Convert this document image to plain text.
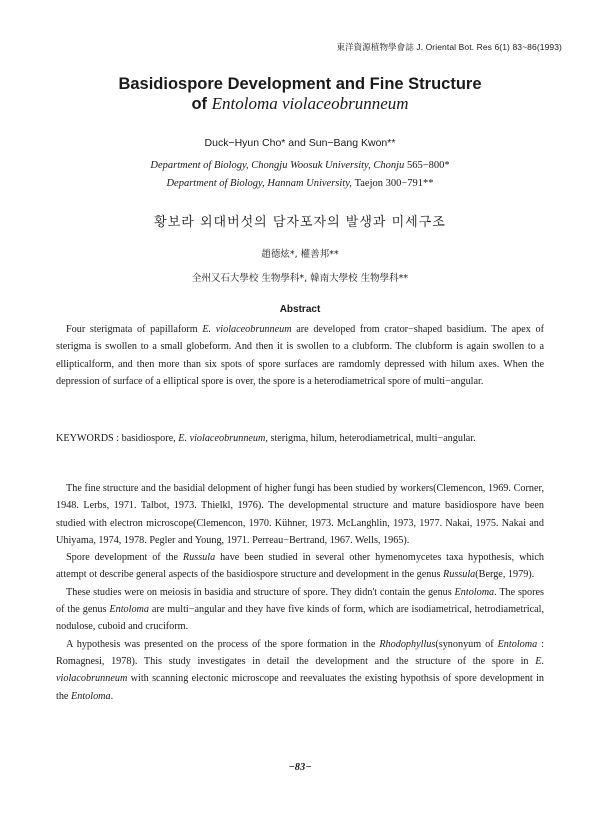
東洋資源植物學會誌 J. Oriental Bot. Res 6(1) 83~86(1993)
Basidiospore Development and Fine Structure
of Entoloma violaceobrunneum
Duck−Hyun Cho* and Sun−Bang Kwon**
Department of Biology, Chongju Woosuk University, Chonju 565−800*
Department of Biology, Hannam University, Taejon 300−791**
황보라 외대버섯의 담자포자의 발생과 미세구조
趙德炫*, 權善邦**
全州又石大學校 生物學科*, 韓南大學校 生物學科**
Abstract

Four sterigmata of papillaform E. violaceobrunneum are developed from crator−shaped basidium. The apex of sterigma is swollen to a small globeform. And then it is swollen to a clubform. The clubform is again swollen to a ellipticalform, and then more than six spots of spore surfaces are ramdomly depressed with hilum axes. When the depression of surface of a elliptical spore is over, the spore is a heterodiametrical spore of multi−angular.

KEYWORDS : basidiospore, E. violaceobrunneum, sterigma, hilum, heterodiametrical, multi−angular.

The fine structure and the basidial delopment of higher fungi has been studied by workers(Clemencon, 1969. Corner, 1948. Lerbs, 1971. Talbot, 1973. Thielkl, 1976). The developmental structure and mature basidiospore have been studied with electron microscope(Clemencon, 1970. Kühner, 1973. McLanghlin, 1973, 1977. Nakai, 1975. Nakai and Uhiyama, 1974, 1978. Pegler and Young, 1971. Perreau−Bertrand, 1967. Wells, 1965).

Spore development of the Russula have been studied in several other hymenomycetes taxa hypothesis, which attempt ot describe general aspects of the basidiospore structure and development in the genus Russula(Berge, 1979).

These studies were on meiosis in basidia and structure of spore. They didn't contain the genus Entoloma. The spores of the genus Entoloma are multi−angular and they have five kinds of form, which are isodiametrical, hetrodiametrical, nodulose, cuboid and cruciform.

A hypothesis was presented on the process of the spore formation in the Rhodophyllus(synonyum of Entoloma : Romagnesi, 1978). This study investigates in detail the development and the structure of the spore in E. violacobrunneum with scanning electonic microscope and reevaluates the existing hypothsis of spore development in the Entoloma.

−83−
